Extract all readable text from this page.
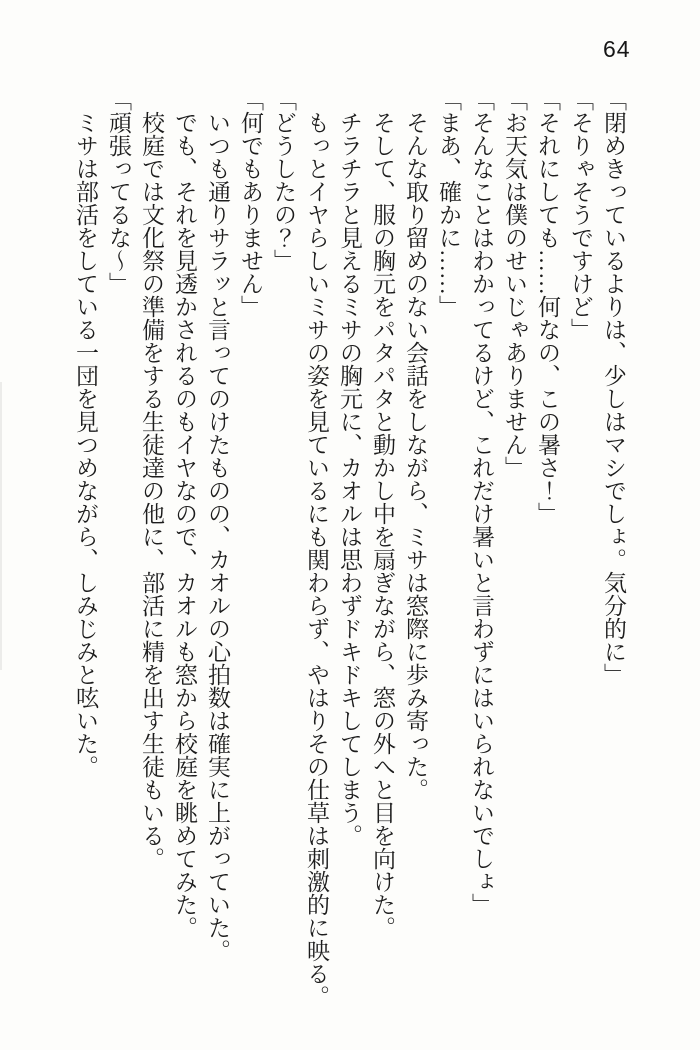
64

「閉めきっているよりは、少しはマシでしょ。気分的に」

「そりゃそうですけど」

「それにしても……何なの、この暑さ！」

「お天気は僕のせいじゃありません」

「そんなことはわかってるけど、これだけ暑いと言わずにはいられないでしょ」

「まあ、確かに……」

そんな取り留めのない会話をしながら、ミサは窓際に歩み寄った。

そして、服の胸元をパタパタと動かし中を扇ぎながら、窓の外へと目を向けた。

チラチラと見えるミサの胸元に、カオルは思わずドキドキしてしまう。

もっとイヤらしいミサの姿を見ているにも関わらず、やはりその仕草は刺激的に映る。

「どうしたの？」

「何でもありません」

いつも通りサラッと言ってのけたものの、カオルの心拍数は確実に上がっていた。

でも、それを見透かされるのもイヤなので、カオルも窓から校庭を眺めてみた。

校庭では文化祭の準備をする生徒達の他に、部活に精を出す生徒もいる。

「頑張ってるな〜」

ミサは部活をしている一団を見つめながら、しみじみと呟いた。
